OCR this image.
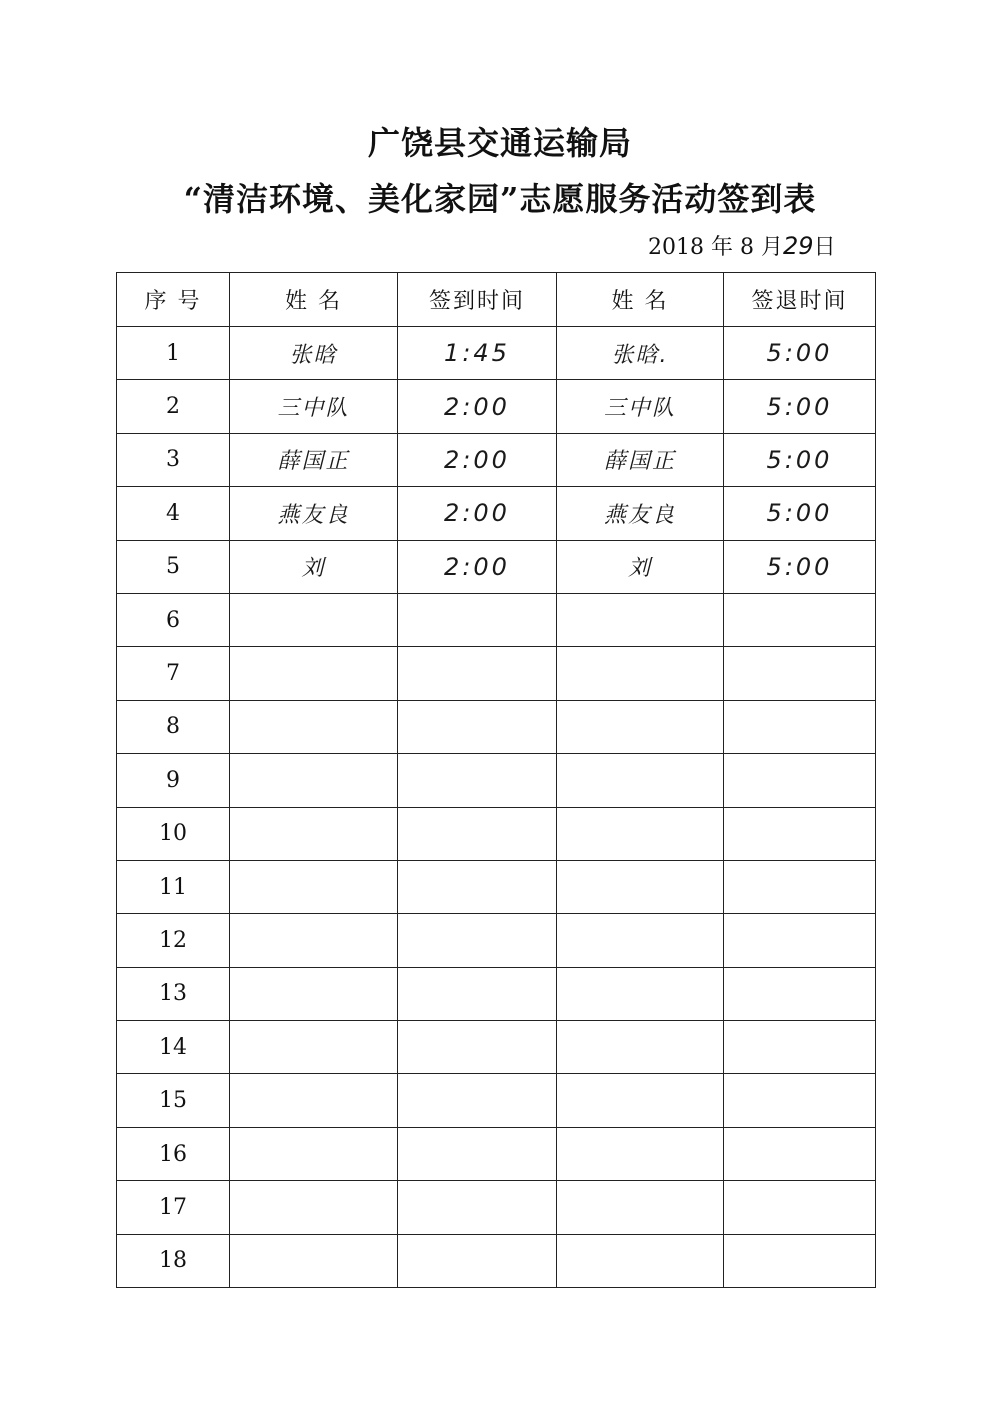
广饶县交通运输局
“清洁环境、美化家园”志愿服务活动签到表
2018 年 8 月29日
序 号	姓 名	签到时间	姓 名	签退时间
1	张晗	1:45	张晗.	5:00
2	三中队	2:00	三中队	5:00
3	薛国正	2:00	薛国正	5:00
4	燕友良	2:00	燕友良	5:00
5	刘	2:00	刘	5:00
6				
7				
8				
9				
10				
11				
12				
13				
14				
15				
16				
17				
18				
